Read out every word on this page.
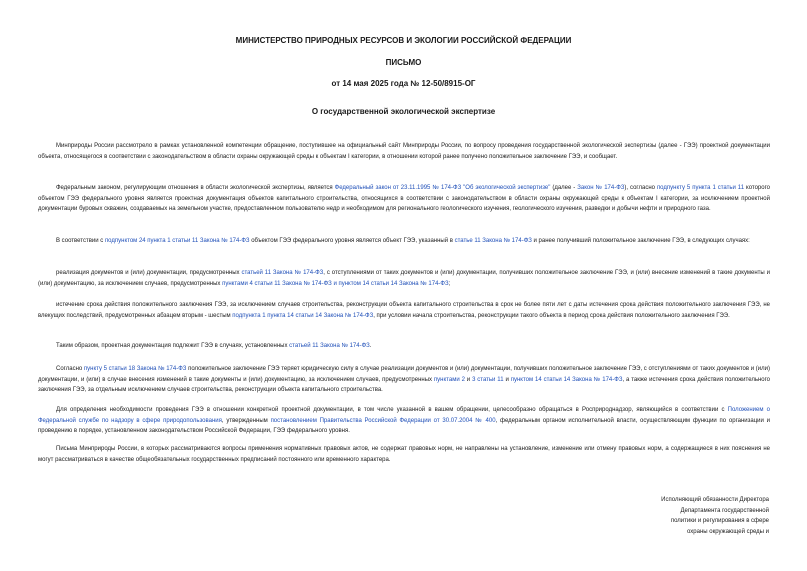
МИНИСТЕРСТВО ПРИРОДНЫХ РЕСУРСОВ И ЭКОЛОГИИ РОССИЙСКОЙ ФЕДЕРАЦИИ
ПИСЬМО
от 14 мая 2025 года № 12-50/8915-ОГ
О государственной экологической экспертизе

Минприроды России рассмотрело в рамках установленной компетенции обращение, поступившее на официальный сайт Минприроды России, по вопросу проведения государственной экологической экспертизы (далее - ГЭЭ) проектной документации объекта, относящегося в соответствии с законодательством в области охраны окружающей среды к объектам I категории, в отношении которой ранее получено положительное заключение ГЭЭ, и сообщает.

Федеральным законом, регулирующим отношения в области экологической экспертизы, является Федеральный закон от 23.11.1995 № 174-ФЗ "Об экологической экспертизе" (далее - Закон № 174-ФЗ), согласно подпункту 5 пункта 1 статьи 11 которого объектом ГЭЭ федерального уровня является проектная документация объектов капитального строительства, относящихся в соответствии с законодательством в области охраны окружающей среды к объектам I категории, за исключением проектной документации буровых скважин, создаваемых на земельном участке, предоставленном пользователю недр и необходимом для регионального геологического изучения, геологического изучения, разведки и добычи нефти и природного газа.

В соответствии с подпунктом 24 пункта 1 статьи 11 Закона № 174-ФЗ объектом ГЭЭ федерального уровня является объект ГЭЭ, указанный в статье 11 Закона № 174-ФЗ и ранее получивший положительное заключение ГЭЭ, в следующих случаях:

реализация документов и (или) документации, предусмотренных статьей 11 Закона № 174-ФЗ, с отступлениями от таких документов и (или) документации, получивших положительное заключение ГЭЭ, и (или) внесение изменений в такие документы и (или) документацию, за исключением случаев, предусмотренных пунктами 4 статьи 11 Закона № 174-ФЗ и пунктом 14 статьи 14 Закона № 174-ФЗ;

истечение срока действия положительного заключения ГЭЭ, за исключением случаев строительства, реконструкции объекта капитального строительства в срок не более пяти лет с даты истечения срока действия положительного заключения ГЭЭ, не влекущих последствий, предусмотренных абзацем вторым - шестым подпункта 1 пункта 14 статьи 14 Закона № 174-ФЗ, при условии начала строительства, реконструкции такого объекта в период срока действия положительного заключения ГЭЭ.

Таким образом, проектная документация подлежит ГЭЭ в случаях, установленных статьей 11 Закона № 174-ФЗ.

Согласно пункту 5 статьи 18 Закона № 174-ФЗ положительное заключение ГЭЭ теряет юридическую силу в случае реализации документов и (или) документации, получивших положительное заключение ГЭЭ, с отступлениями от таких документов и (или) документации, и (или) в случае внесения изменений в такие документы и (или) документацию, за исключением случаев, предусмотренных пунктами 2 и 3 статьи 11 и пунктом 14 статьи 14 Закона № 174-ФЗ, а также истечения срока действия положительного заключения ГЭЭ, за отдельным исключением случаев строительства, реконструкции объекта капитального строительства.

Для определения необходимости проведения ГЭЭ в отношении конкретной проектной документации, в том числе указанной в вашем обращении, целесообразно обращаться в Росприроднадзор, являющийся в соответствии с Положением о Федеральной службе по надзору в сфере природопользования, утвержденным постановлением Правительства Российской Федерации от 30.07.2004 № 400, федеральным органом исполнительной власти, осуществляющим функции по организации и проведению в порядке, установленном законодательством Российской Федерации, ГЭЭ федерального уровня.

Письма Минприроды России, в которых рассматриваются вопросы применения нормативных правовых актов, не содержат правовых норм, не направлены на установление, изменение или отмену правовых норм, а содержащиеся в них пояснения не могут рассматриваться в качестве общеобязательных государственных предписаний постоянного или временного характера.

Исполняющий обязанности Директора
Департамента государственной
политики и регулирования в сфере
охраны окружающей среды и
